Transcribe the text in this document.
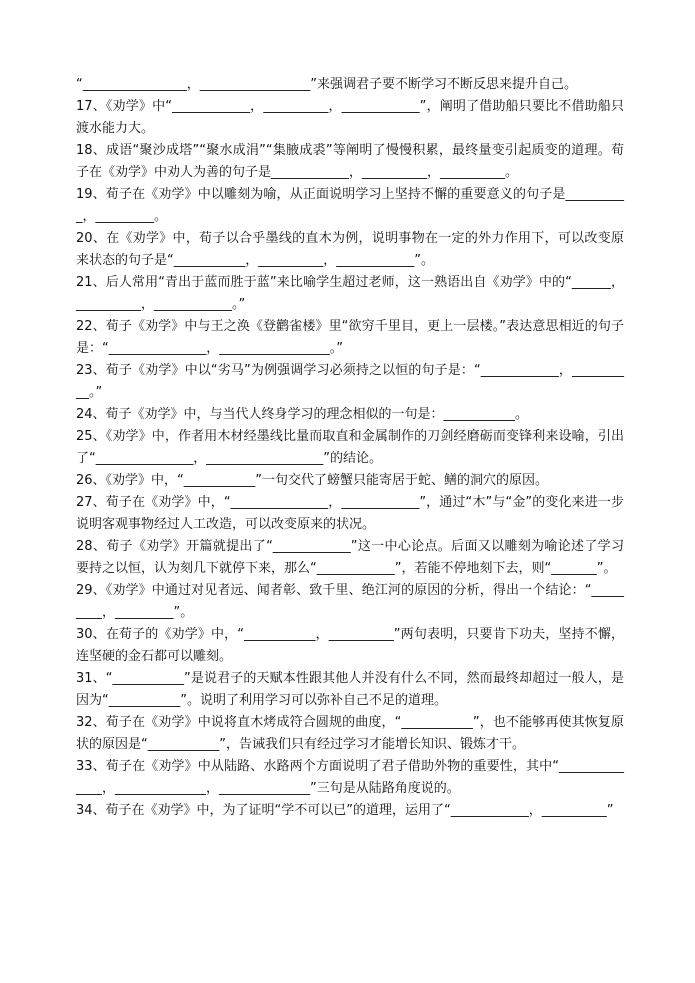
“________________，_________________”来强调君子要不断学习不断反思来提升自己。

17、《劝学》中“____________，__________，____________”，阐明了借助船只要比不借助船只渡水能力大。

18、成语“聚沙成塔”“聚水成涓”“集腋成裘”等阐明了慢慢积累，最终量变引起质变的道理。荀子在《劝学》中劝人为善的句子是____________，__________，__________。

19、荀子在《劝学》中以雕刻为喻，从正面说明学习上坚持不懈的重要意义的句子是__________，_________。

20、在《劝学》中，荀子以合乎墨线的直木为例，说明事物在一定的外力作用下，可以改变原来状态的句子是“___________，__________，____________”。

21、后人常用“青出于蓝而胜于蓝”来比喻学生超过老师，这一熟语出自《劝学》中的“______，__________，____________。”

22、荀子《劝学》中与王之涣《登鹳雀楼》里“欲穷千里目，更上一层楼。”表达意思相近的句子是：“_______________，_________________。”

23、荀子《劝学》中以“劣马”为例强调学习必须持之以恒的句子是：“____________，__________。”

24、荀子《劝学》中，与当代人终身学习的理念相似的一句是：___________。

25、《劝学》中，作者用木材经墨线比量而取直和金属制作的刀剑经磨砺而变锋利来设喻，引出了“_______________，__________________”的结论。

26、《劝学》中，“___________”一句交代了螃蟹只能寄居于蛇、鳝的洞穴的原因。

27、荀子在《劝学》中，“_______________，____________”，通过“木”与“金”的变化来进一步说明客观事物经过人工改造，可以改变原来的状况。

28、荀子《劝学》开篇就提出了“____________”这一中心论点。后面又以雕刻为喻论述了学习要持之以恒，认为刻几下就停下来，那么“____________”，若能不停地刻下去，则“_______”。

29、《劝学》中通过对见者远、闻者彰、致千里、绝江河的原因的分析，得出一个结论：“_________，_________”。

30、在荀子的《劝学》中，“___________，__________”两句表明，只要肯下功夫，坚持不懈，连坚硬的金石都可以雕刻。

31、“___________”是说君子的天赋本性跟其他人并没有什么不同，然而最终却超过一般人，是因为“___________”。说明了利用学习可以弥补自己不足的道理。

32、荀子在《劝学》中说将直木烤成符合圆规的曲度，“___________”，也不能够再使其恢复原状的原因是“___________”，告诫我们只有经过学习才能增长知识、锻炼才干。

33、荀子在《劝学》中从陆路、水路两个方面说明了君子借助外物的重要性，其中“______________，______________，______________”三句是从陆路角度说的。

34、荀子在《劝学》中，为了证明“学不可以已”的道理，运用了“____________，__________”
